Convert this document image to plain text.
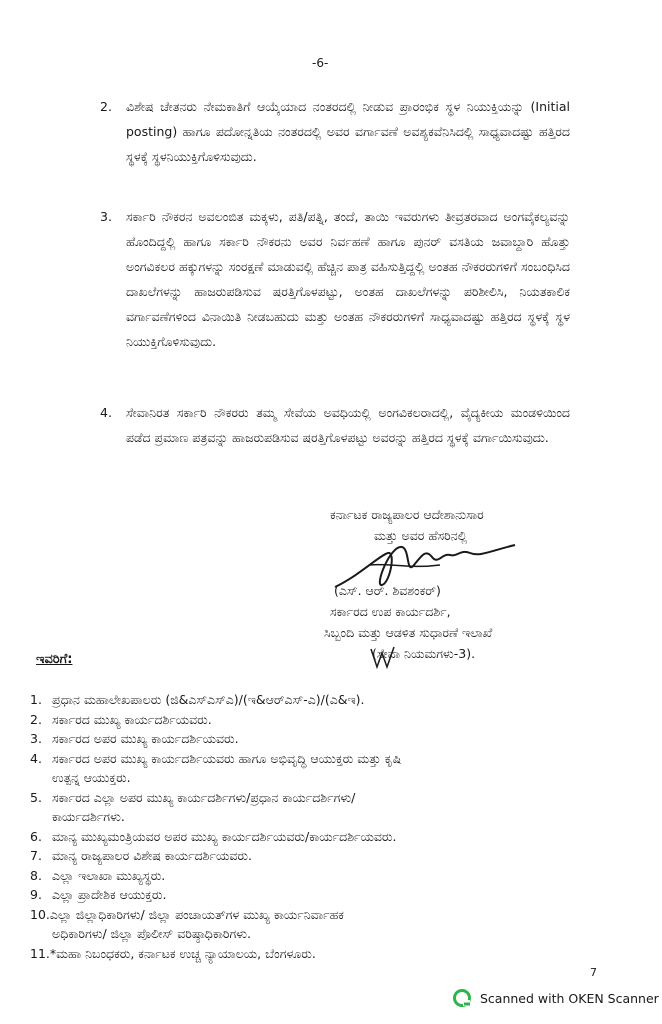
-6-
2. ವಿಶೇಷ ಚೇತನರು ನೇಮಕಾತಿಗೆ ಆಯ್ಕೆಯಾದ ನಂತರದಲ್ಲಿ ನೀಡುವ ಪ್ರಾರಂಭಿಕ ಸ್ಥಳ ನಿಯುಕ್ತಿಯನ್ನು (Initial posting) ಹಾಗೂ ಪದೋನ್ನತಿಯ ನಂತರದಲ್ಲಿ ಅವರ ವರ್ಗಾವಣೆ ಅವಶ್ಯಕವೆನಿಸಿದಲ್ಲಿ ಸಾಧ್ಯವಾದಷ್ಟು ಹತ್ತಿರದ ಸ್ಥಳಕ್ಕೆ ಸ್ಥಳನಿಯುಕ್ತಿಗೊಳಿಸುವುದು.
3. ಸರ್ಕಾರಿ ನೌಕರನ ಅವಲಂಬಿತ ಮಕ್ಕಳು, ಪತಿ/ಪತ್ನಿ, ತಂದೆ, ತಾಯಿ ಇವರುಗಳು ತೀವ್ರತರವಾದ ಅಂಗವೈಕಲ್ಯವನ್ನು ಹೊಂದಿದ್ದಲ್ಲಿ ಹಾಗೂ ಸರ್ಕಾರಿ ನೌಕರನು ಅವರ ನಿರ್ವಹಣೆ ಹಾಗೂ ಪುನರ್ ವಸತಿಯ ಜವಾಬ್ದಾರಿ ಹೊತ್ತು ಅಂಗವಿಕಲರ ಹಕ್ಕುಗಳನ್ನು ಸಂರಕ್ಷಣೆ ಮಾಡುವಲ್ಲಿ ಹೆಚ್ಚಿನ ಪಾತ್ರ ವಹಿಸುತ್ತಿದ್ದಲ್ಲಿ ಅಂತಹ ನೌಕರರುಗಳಿಗೆ ಸಂಬಂಧಿಸಿದ ದಾಖಲೆಗಳನ್ನು ಹಾಜರುಪಡಿಸುವ ಷರತ್ತಿಗೊಳಪಟ್ಟು, ಅಂತಹ ದಾಖಲೆಗಳನ್ನು ಪರಿಶೀಲಿಸಿ, ನಿಯತಕಾಲಿಕ ವರ್ಗಾವಣೆಗಳಿಂದ ವಿನಾಯಿತಿ ನೀಡಬಹುದು ಮತ್ತು ಅಂತಹ ನೌಕರರುಗಳಿಗೆ ಸಾಧ್ಯವಾದಷ್ಟು ಹತ್ತಿರದ ಸ್ಥಳಕ್ಕೆ ಸ್ಥಳ ನಿಯುಕ್ತಿಗೊಳಿಸುವುದು.
4. ಸೇವಾನಿರತ ಸರ್ಕಾರಿ ನೌಕರರು ತಮ್ಮ ಸೇವೆಯ ಅವಧಿಯಲ್ಲಿ ಅಂಗವಿಕಲರಾದಲ್ಲಿ, ವೈದ್ಯಕೀಯ ಮಂಡಳಿಯಿಂದ ಪಡೆದ ಪ್ರಮಾಣ ಪತ್ರವನ್ನು ಹಾಜರುಪಡಿಸುವ ಷರತ್ತಿಗೊಳಪಟ್ಟು ಅವರನ್ನು ಹತ್ತಿರದ ಸ್ಥಳಕ್ಕೆ ವರ್ಗಾಯಿಸುವುದು.
ಕರ್ನಾಟಕ ರಾಜ್ಯಪಾಲರ ಆದೇಶಾನುಸಾರ
ಮತ್ತು ಅವರ ಹೆಸರಿನಲ್ಲಿ
(ಎಸ್. ಆರ್. ಶಿವಶಂಕರ್)
ಸರ್ಕಾರದ ಉಪ ಕಾರ್ಯದರ್ಶಿ,
ಸಿಬ್ಬಂದಿ ಮತ್ತು ಆಡಳಿತ ಸುಧಾರಣೆ ಇಲಾಖೆ
(ಸೇವಾ ನಿಯಮಗಳು-3).
ಇವರಿಗೆ:
1. ಪ್ರಧಾನ ಮಹಾಲೇಖಪಾಲರು (ಜಿ&ಎಸ್‌ಎಸ್‌ಎ)/(ಇ&ಆರ್‌ಎಸ್-ಎ)/(ಎ&ಇ).
2. ಸರ್ಕಾರದ ಮುಖ್ಯ ಕಾರ್ಯದರ್ಶಿಯವರು.
3. ಸರ್ಕಾರದ ಅಪರ ಮುಖ್ಯ ಕಾರ್ಯದರ್ಶಿಯವರು.
4. ಸರ್ಕಾರದ ಅಪರ ಮುಖ್ಯ ಕಾರ್ಯದರ್ಶಿಯವರು ಹಾಗೂ ಅಭಿವೃದ್ಧಿ ಆಯುಕ್ತರು ಮತ್ತು ಕೃಷಿ
ಉತ್ಪನ್ನ ಆಯುಕ್ತರು.
5. ಸರ್ಕಾರದ ಎಲ್ಲಾ ಅಪರ ಮುಖ್ಯ ಕಾರ್ಯದರ್ಶಿಗಳು/ಪ್ರಧಾನ ಕಾರ್ಯದರ್ಶಿಗಳು/
ಕಾರ್ಯದರ್ಶಿಗಳು.
6. ಮಾನ್ಯ ಮುಖ್ಯಮಂತ್ರಿಯವರ ಅಪರ ಮುಖ್ಯ ಕಾರ್ಯದರ್ಶಿಯವರು/ಕಾರ್ಯದರ್ಶಿಯವರು.
7. ಮಾನ್ಯ ರಾಜ್ಯಪಾಲರ ವಿಶೇಷ ಕಾರ್ಯದರ್ಶಿಯವರು.
8. ಎಲ್ಲಾ ಇಲಾಖಾ ಮುಖ್ಯಸ್ಥರು.
9. ಎಲ್ಲಾ ಪ್ರಾದೇಶಿಕ ಆಯುಕ್ತರು.
10.ಎಲ್ಲಾ ಜಿಲ್ಲಾಧಿಕಾರಿಗಳು/ ಜಿಲ್ಲಾ ಪಂಚಾಯತ್‌ಗಳ ಮುಖ್ಯ ಕಾರ್ಯನಿರ್ವಾಹಕ
ಅಧಿಕಾರಿಗಳು/ ಜಿಲ್ಲಾ ಪೊಲೀಸ್ ವರಿಷ್ಠಾಧಿಕಾರಿಗಳು.
11.*ಮಹಾ ನಿಬಂಧಕರು, ಕರ್ನಾಟಕ ಉಚ್ಚ ನ್ಯಾಯಾಲಯ, ಬೆಂಗಳೂರು.
7
Scanned with OKEN Scanner
